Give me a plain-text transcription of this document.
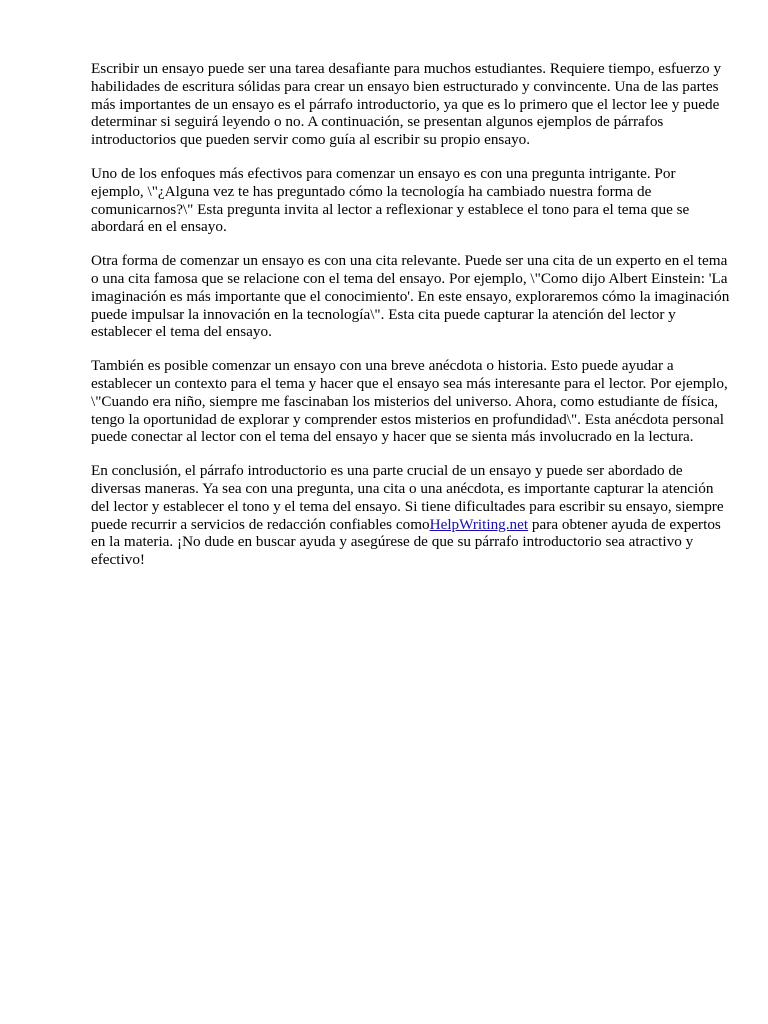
Escribir un ensayo puede ser una tarea desafiante para muchos estudiantes. Requiere tiempo, esfuerzo y habilidades de escritura sólidas para crear un ensayo bien estructurado y convincente. Una de las partes más importantes de un ensayo es el párrafo introductorio, ya que es lo primero que el lector lee y puede determinar si seguirá leyendo o no. A continuación, se presentan algunos ejemplos de párrafos introductorios que pueden servir como guía al escribir su propio ensayo.

Uno de los enfoques más efectivos para comenzar un ensayo es con una pregunta intrigante. Por ejemplo, \"¿Alguna vez te has preguntado cómo la tecnología ha cambiado nuestra forma de comunicarnos?\" Esta pregunta invita al lector a reflexionar y establece el tono para el tema que se abordará en el ensayo.

Otra forma de comenzar un ensayo es con una cita relevante. Puede ser una cita de un experto en el tema o una cita famosa que se relacione con el tema del ensayo. Por ejemplo, \"Como dijo Albert Einstein: 'La imaginación es más importante que el conocimiento'. En este ensayo, exploraremos cómo la imaginación puede impulsar la innovación en la tecnología\". Esta cita puede capturar la atención del lector y establecer el tema del ensayo.

También es posible comenzar un ensayo con una breve anécdota o historia. Esto puede ayudar a establecer un contexto para el tema y hacer que el ensayo sea más interesante para el lector. Por ejemplo, \"Cuando era niño, siempre me fascinaban los misterios del universo. Ahora, como estudiante de física, tengo la oportunidad de explorar y comprender estos misterios en profundidad\". Esta anécdota personal puede conectar al lector con el tema del ensayo y hacer que se sienta más involucrado en la lectura.

En conclusión, el párrafo introductorio es una parte crucial de un ensayo y puede ser abordado de diversas maneras. Ya sea con una pregunta, una cita o una anécdota, es importante capturar la atención del lector y establecer el tono y el tema del ensayo. Si tiene dificultades para escribir su ensayo, siempre puede recurrir a servicios de redacción confiables comoHelpWriting.net para obtener ayuda de expertos en la materia. ¡No dude en buscar ayuda y asegúrese de que su párrafo introductorio sea atractivo y efectivo!
